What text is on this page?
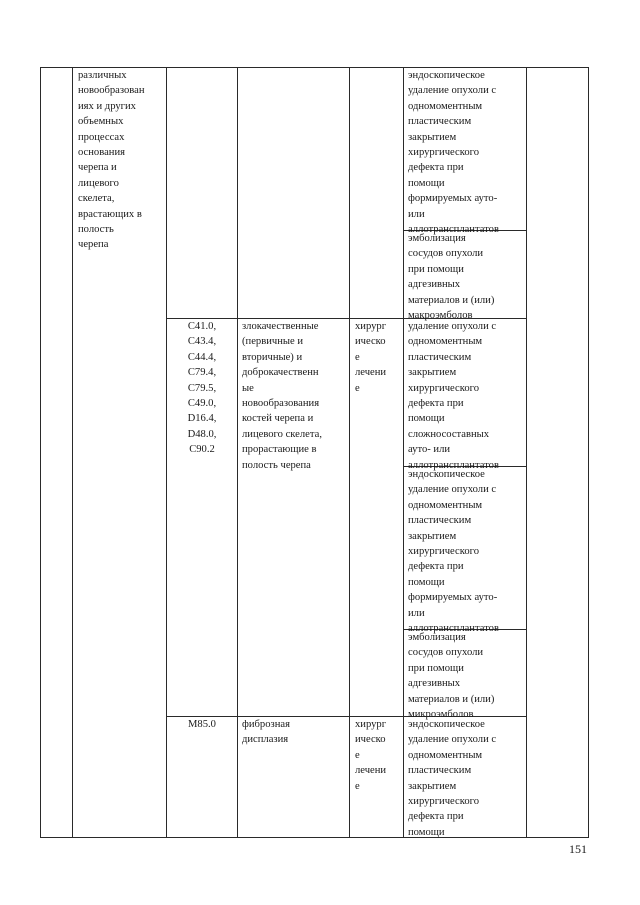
различных
новообразован
иях и других
объемных
процессах
основания
черепа и
лицевого
скелета,
врастающих в
полость
черепа
эндоскопическое
удаление опухоли с
одномоментным
пластическим
закрытием
хирургического
дефекта при
помощи
формируемых ауто-
или
аллотрансплантатов
эмболизация
сосудов опухоли
при помощи
адгезивных
материалов и (или)
макроэмболов
C41.0,
C43.4,
C44.4,
C79.4,
C79.5,
C49.0,
D16.4,
D48.0,
C90.2
злокачественные
(первичные и
вторичные) и
доброкачественн
ые
новообразования
костей черепа и
лицевого скелета,
прорастающие в
полость черепа
хирург
ическо
е
лечени
е
удаление опухоли с
одномоментным
пластическим
закрытием
хирургического
дефекта при
помощи
сложносоставных
ауто- или
аллотрансплантатов
эндоскопическое
удаление опухоли с
одномоментным
пластическим
закрытием
хирургического
дефекта при
помощи
формируемых ауто-
или
аллотрансплантатов
эмболизация
сосудов опухоли
при помощи
адгезивных
материалов и (или)
микроэмболов
M85.0	фиброзная
дисплазия
хирург
ическо
е
лечени
е
эндоскопическое
удаление опухоли с
одномоментным
пластическим
закрытием
хирургического
дефекта при
помощи
151
